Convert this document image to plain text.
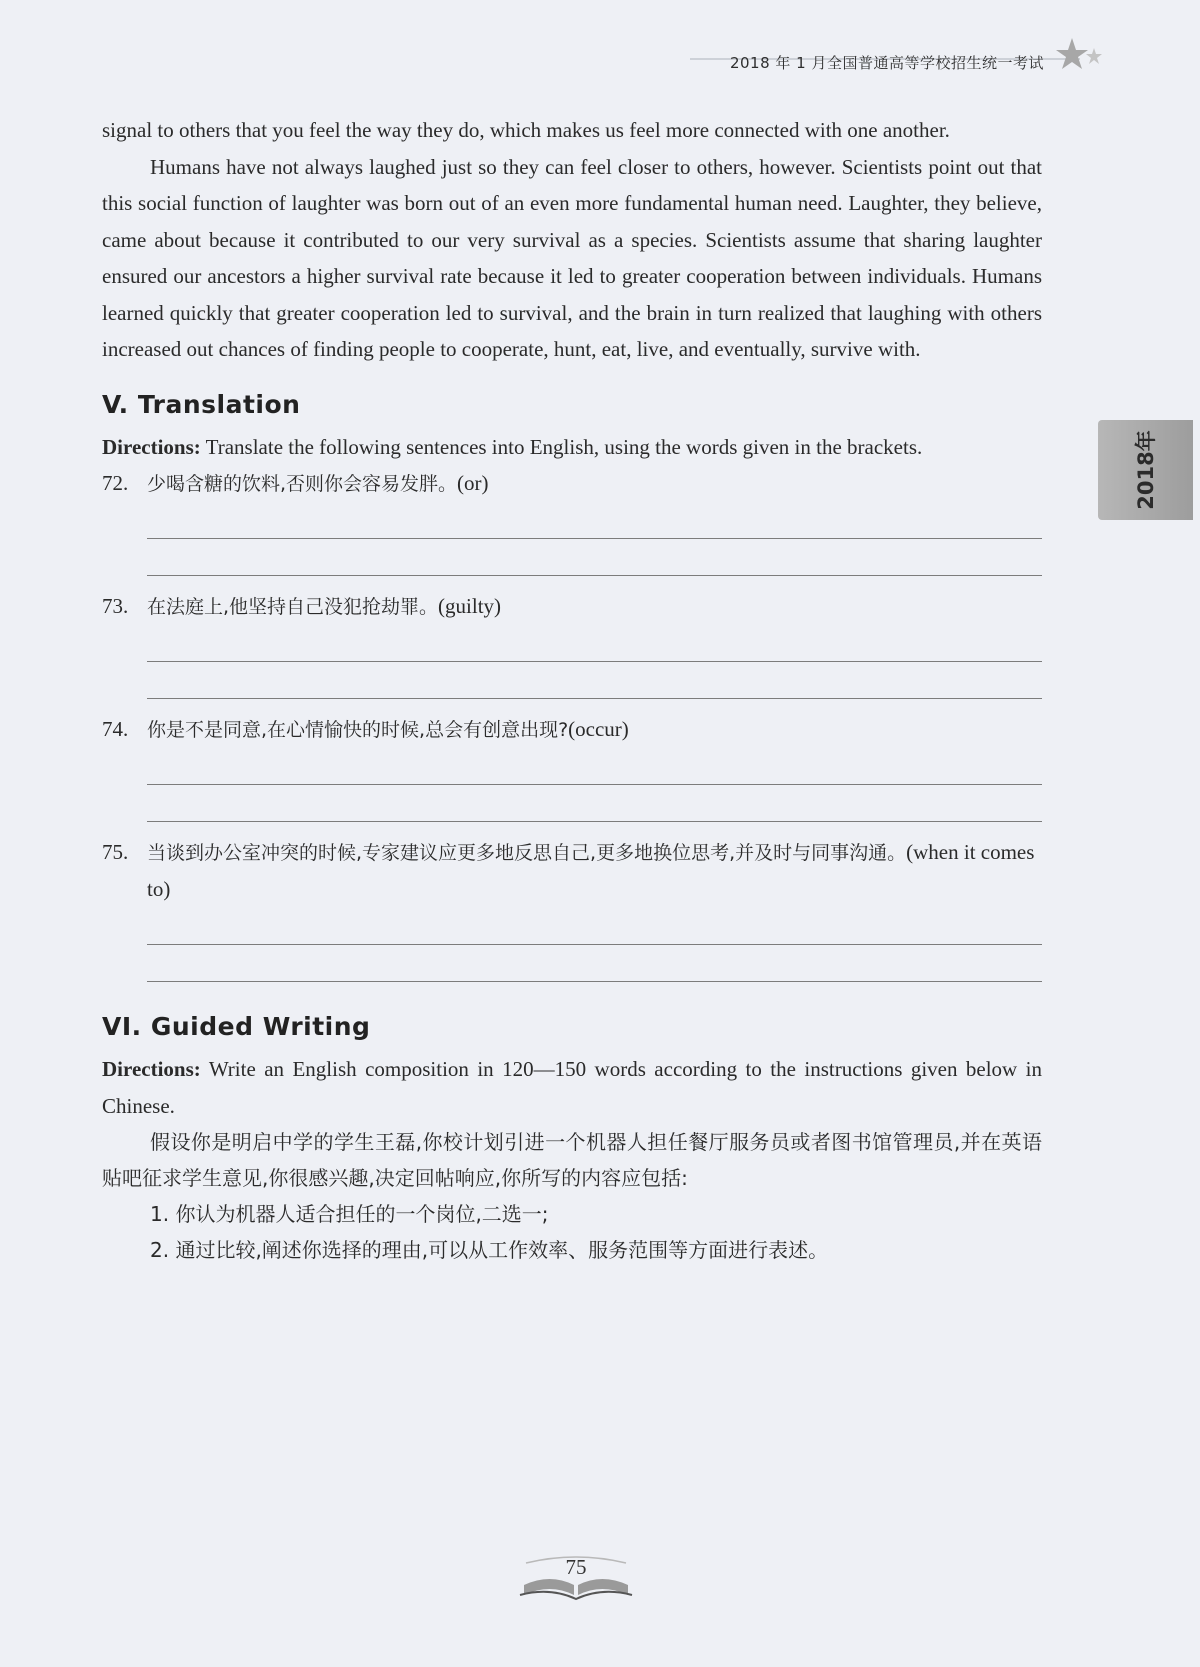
2018 年 1 月全国普通高等学校招生统一考试
2018年

signal to others that you feel the way they do, which makes us feel more connected with one another.

Humans have not always laughed just so they can feel closer to others, however. Scientists point out that this social function of laughter was born out of an even more fundamental human need. Laughter, they believe, came about because it contributed to our very survival as a species. Scientists assume that sharing laughter ensured our ancestors a higher survival rate because it led to greater cooperation between individuals. Humans learned quickly that greater cooperation led to survival, and the brain in turn realized that laughing with others increased out chances of finding people to cooperate, hunt, eat, live, and eventually, survive with.

V. Translation

Directions: Translate the following sentences into English, using the words given in the brackets.

72. 少喝含糖的饮料,否则你会容易发胖。(or)
73. 在法庭上,他坚持自己没犯抢劫罪。(guilty)
74. 你是不是同意,在心情愉快的时候,总会有创意出现?(occur)
75. 当谈到办公室冲突的时候,专家建议应更多地反思自己,更多地换位思考,并及时与同事沟通。(when it comes to)
VI. Guided Writing

Directions: Write an English composition in 120—150 words according to the instructions given below in Chinese.

假设你是明启中学的学生王磊,你校计划引进一个机器人担任餐厅服务员或者图书馆管理员,并在英语贴吧征求学生意见,你很感兴趣,决定回帖响应,你所写的内容应包括:

1. 你认为机器人适合担任的一个岗位,二选一;

2. 通过比较,阐述你选择的理由,可以从工作效率、服务范围等方面进行表述。

75
